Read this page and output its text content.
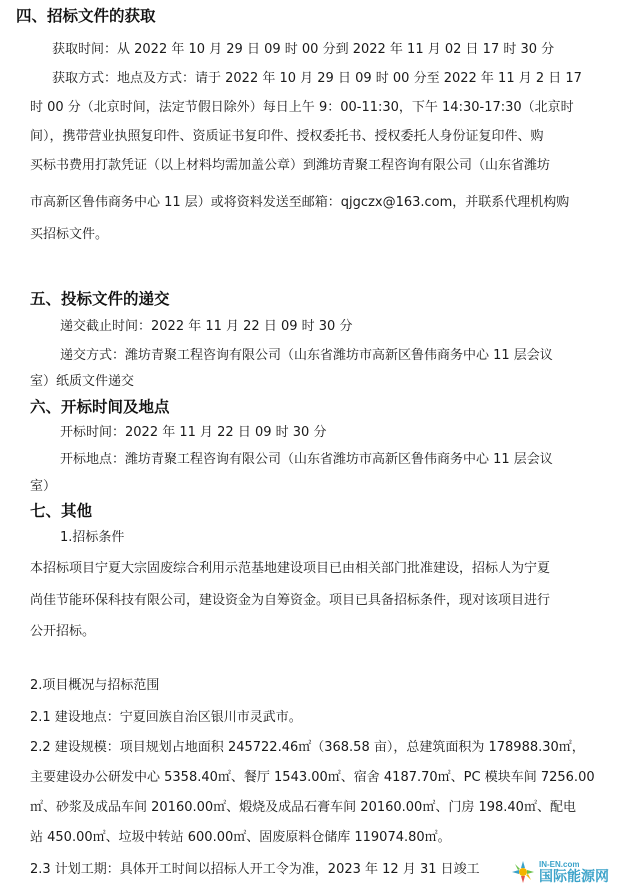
四、招标文件的获取
获取时间：从 2022 年 10 月 29 日 09 时 00 分到 2022 年 11 月 02 日 17 时 30 分
获取方式：地点及方式：请于 2022 年 10 月 29 日 09 时 00 分至 2022 年 11 月 2 日 17
时 00 分（北京时间，法定节假日除外）每日上午 9：00-11:30，下午 14:30-17:30（北京时
间），携带营业执照复印件、资质证书复印件、授权委托书、授权委托人身份证复印件、购
买标书费用打款凭证（以上材料均需加盖公章）到潍坊青聚工程咨询有限公司（山东省潍坊
市高新区鲁伟商务中心 11 层）或将资料发送至邮箱：qjgczx@163.com，并联系代理机构购
买招标文件。
五、投标文件的递交
递交截止时间：2022 年 11 月 22 日 09 时 30 分
递交方式：潍坊青聚工程咨询有限公司（山东省潍坊市高新区鲁伟商务中心 11 层会议
室）纸质文件递交
六、开标时间及地点
开标时间：2022 年 11 月 22 日 09 时 30 分
开标地点：潍坊青聚工程咨询有限公司（山东省潍坊市高新区鲁伟商务中心 11 层会议
室）
七、其他
1.招标条件
本招标项目宁夏大宗固废综合利用示范基地建设项目已由相关部门批准建设，招标人为宁夏
尚佳节能环保科技有限公司，建设资金为自筹资金。项目已具备招标条件，现对该项目进行
公开招标。
2.项目概况与招标范围
2.1 建设地点：宁夏回族自治区银川市灵武市。
2.2 建设规模：项目规划占地面积 245722.46㎡（368.58 亩），总建筑面积为 178988.30㎡，
主要建设办公研发中心 5358.40㎡、餐厅 1543.00㎡、宿舍 4187.70㎡、PC 模块车间 7256.00
㎡、砂浆及成品车间 20160.00㎡、煅烧及成品石膏车间 20160.00㎡、门房 198.40㎡、配电
站 450.00㎡、垃圾中转站 600.00㎡、固废原料仓储库 119074.80㎡。
2.3 计划工期：具体开工时间以招标人开工令为准，2023 年 12 月 31 日竣工	IN-EN.com
国际能源网
